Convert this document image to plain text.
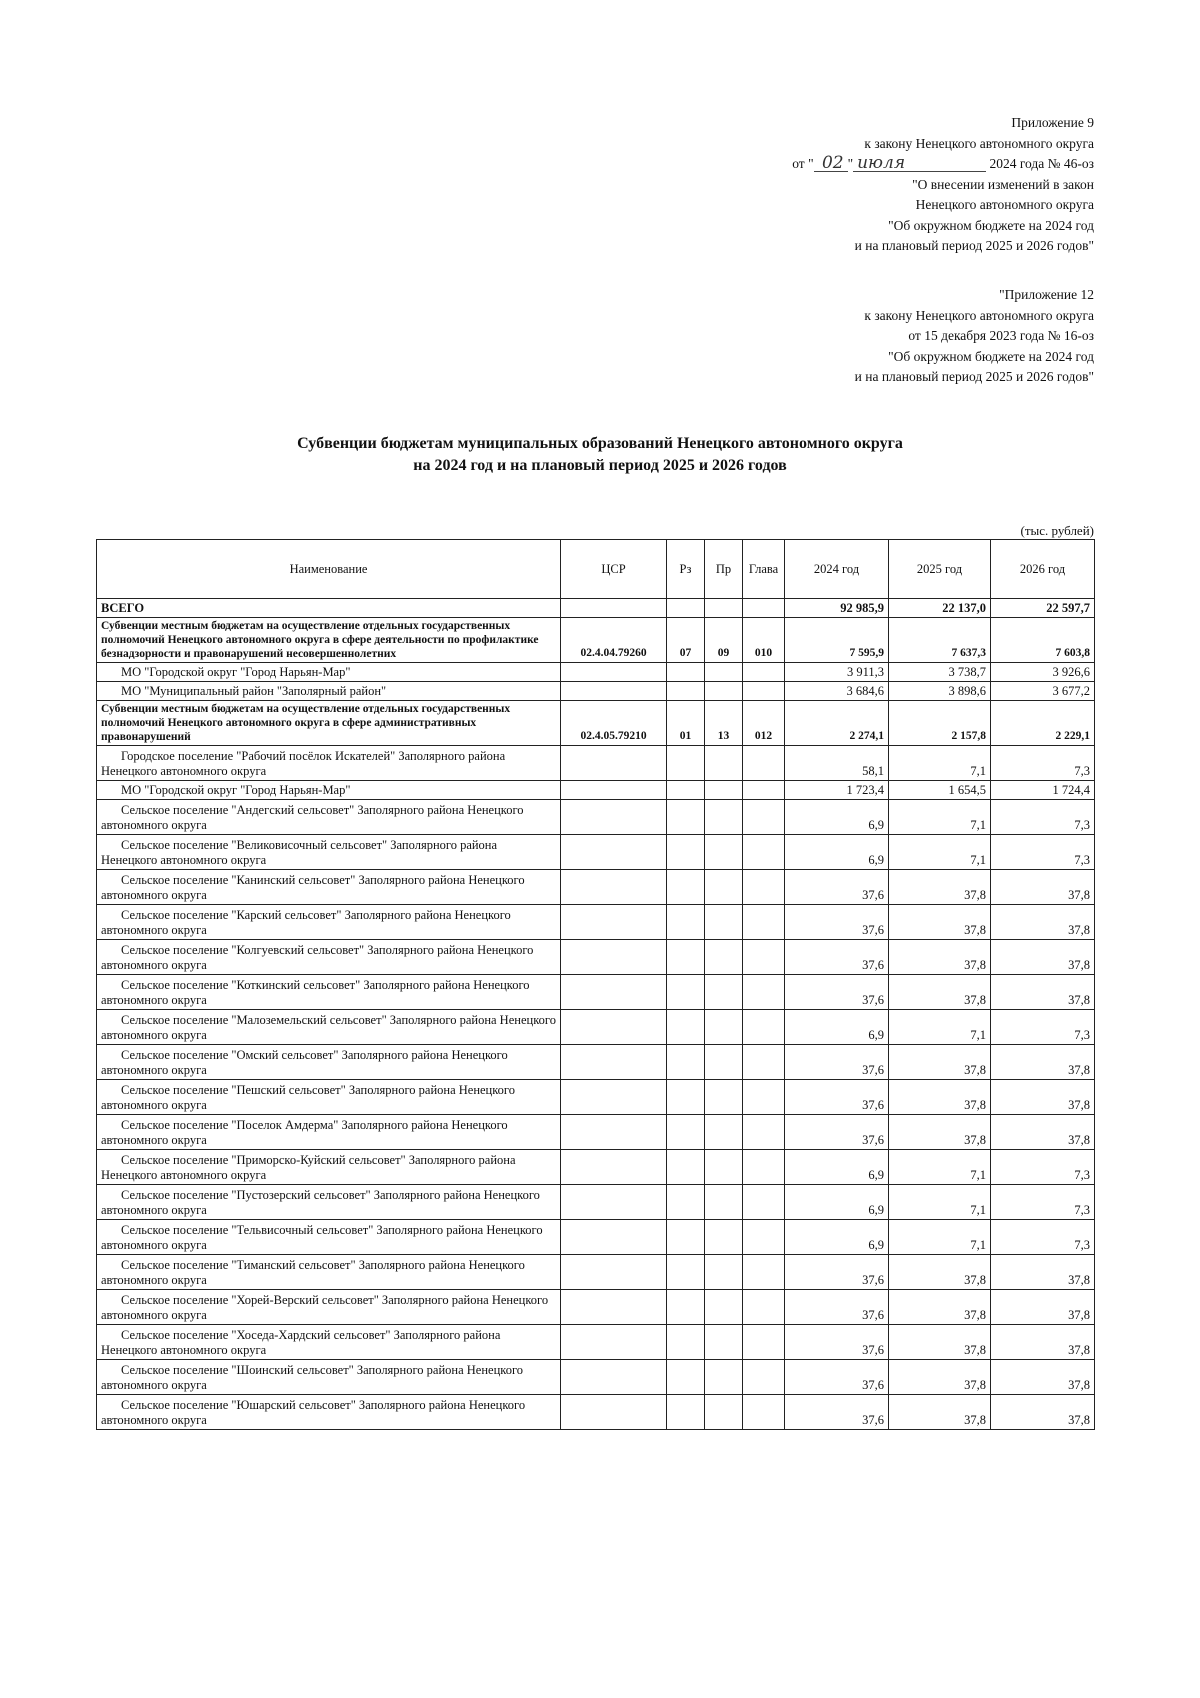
Приложение 9
к закону Ненецкого автономного округа
от " 02 " июля	2024 года № 46-оз
"О внесении изменений в закон
Ненецкого автономного округа
"Об окружном бюджете на 2024 год
и на плановый период 2025 и 2026 годов"
"Приложение 12
к закону Ненецкого автономного округа
от 15 декабря 2023 года № 16-оз
"Об окружном бюджете на 2024 год
и на плановый период 2025 и 2026 годов"
Субвенции бюджетам муниципальных образований Ненецкого автономного округа
на 2024 год и на плановый период 2025 и 2026 годов
(тыс. рублей)
Наименование	ЦСР	Рз	Пр	Глава	2024 год	2025 год	2026 год
ВСЕГО					92 985,9	22 137,0	22 597,7
Субвенции местным бюджетам на осуществление отдельных государственных полномочий Ненецкого автономного округа в сфере деятельности по профилактике безнадзорности и правонарушений несовершеннолетних	02.4.04.79260	07	09	010	7 595,9	7 637,3	7 603,8
МО "Городской округ "Город Нарьян-Мар"					3 911,3	3 738,7	3 926,6
МО "Муниципальный район "Заполярный район"					3 684,6	3 898,6	3 677,2
Субвенции местным бюджетам на осуществление отдельных государственных полномочий Ненецкого автономного округа в сфере административных правонарушений	02.4.05.79210	01	13	012	2 274,1	2 157,8	2 229,1
Городское поселение "Рабочий посёлок Искателей" Заполярного района Ненецкого автономного округа					58,1	7,1	7,3
МО "Городской округ "Город Нарьян-Мар"					1 723,4	1 654,5	1 724,4
Сельское поселение "Андегский сельсовет" Заполярного района Ненецкого автономного округа					6,9	7,1	7,3
Сельское поселение "Великовисочный сельсовет" Заполярного района Ненецкого автономного округа					6,9	7,1	7,3
Сельское поселение "Канинский сельсовет" Заполярного района Ненецкого автономного округа					37,6	37,8	37,8
Сельское поселение "Карский сельсовет" Заполярного района Ненецкого автономного округа					37,6	37,8	37,8
Сельское поселение "Колгуевский сельсовет" Заполярного района Ненецкого автономного округа					37,6	37,8	37,8
Сельское поселение "Коткинский сельсовет" Заполярного района Ненецкого автономного округа					37,6	37,8	37,8
Сельское поселение "Малоземельский сельсовет" Заполярного района Ненецкого автономного округа					6,9	7,1	7,3
Сельское поселение "Омский сельсовет" Заполярного района Ненецкого автономного округа					37,6	37,8	37,8
Сельское поселение "Пешский сельсовет" Заполярного района Ненецкого автономного округа					37,6	37,8	37,8
Сельское поселение "Поселок Амдерма" Заполярного района Ненецкого автономного округа					37,6	37,8	37,8
Сельское поселение "Приморско-Куйский сельсовет" Заполярного района Ненецкого автономного округа					6,9	7,1	7,3
Сельское поселение "Пустозерский сельсовет" Заполярного района Ненецкого автономного округа					6,9	7,1	7,3
Сельское поселение "Тельвисочный сельсовет" Заполярного района Ненецкого автономного округа					6,9	7,1	7,3
Сельское поселение "Тиманский сельсовет" Заполярного района Ненецкого автономного округа					37,6	37,8	37,8
Сельское поселение "Хорей-Верский сельсовет" Заполярного района Ненецкого автономного округа					37,6	37,8	37,8
Сельское поселение "Хоседа-Хардский сельсовет" Заполярного района Ненецкого автономного округа					37,6	37,8	37,8
Сельское поселение "Шоинский сельсовет" Заполярного района Ненецкого автономного округа					37,6	37,8	37,8
Сельское поселение "Юшарский сельсовет" Заполярного района Ненецкого автономного округа					37,6	37,8	37,8
